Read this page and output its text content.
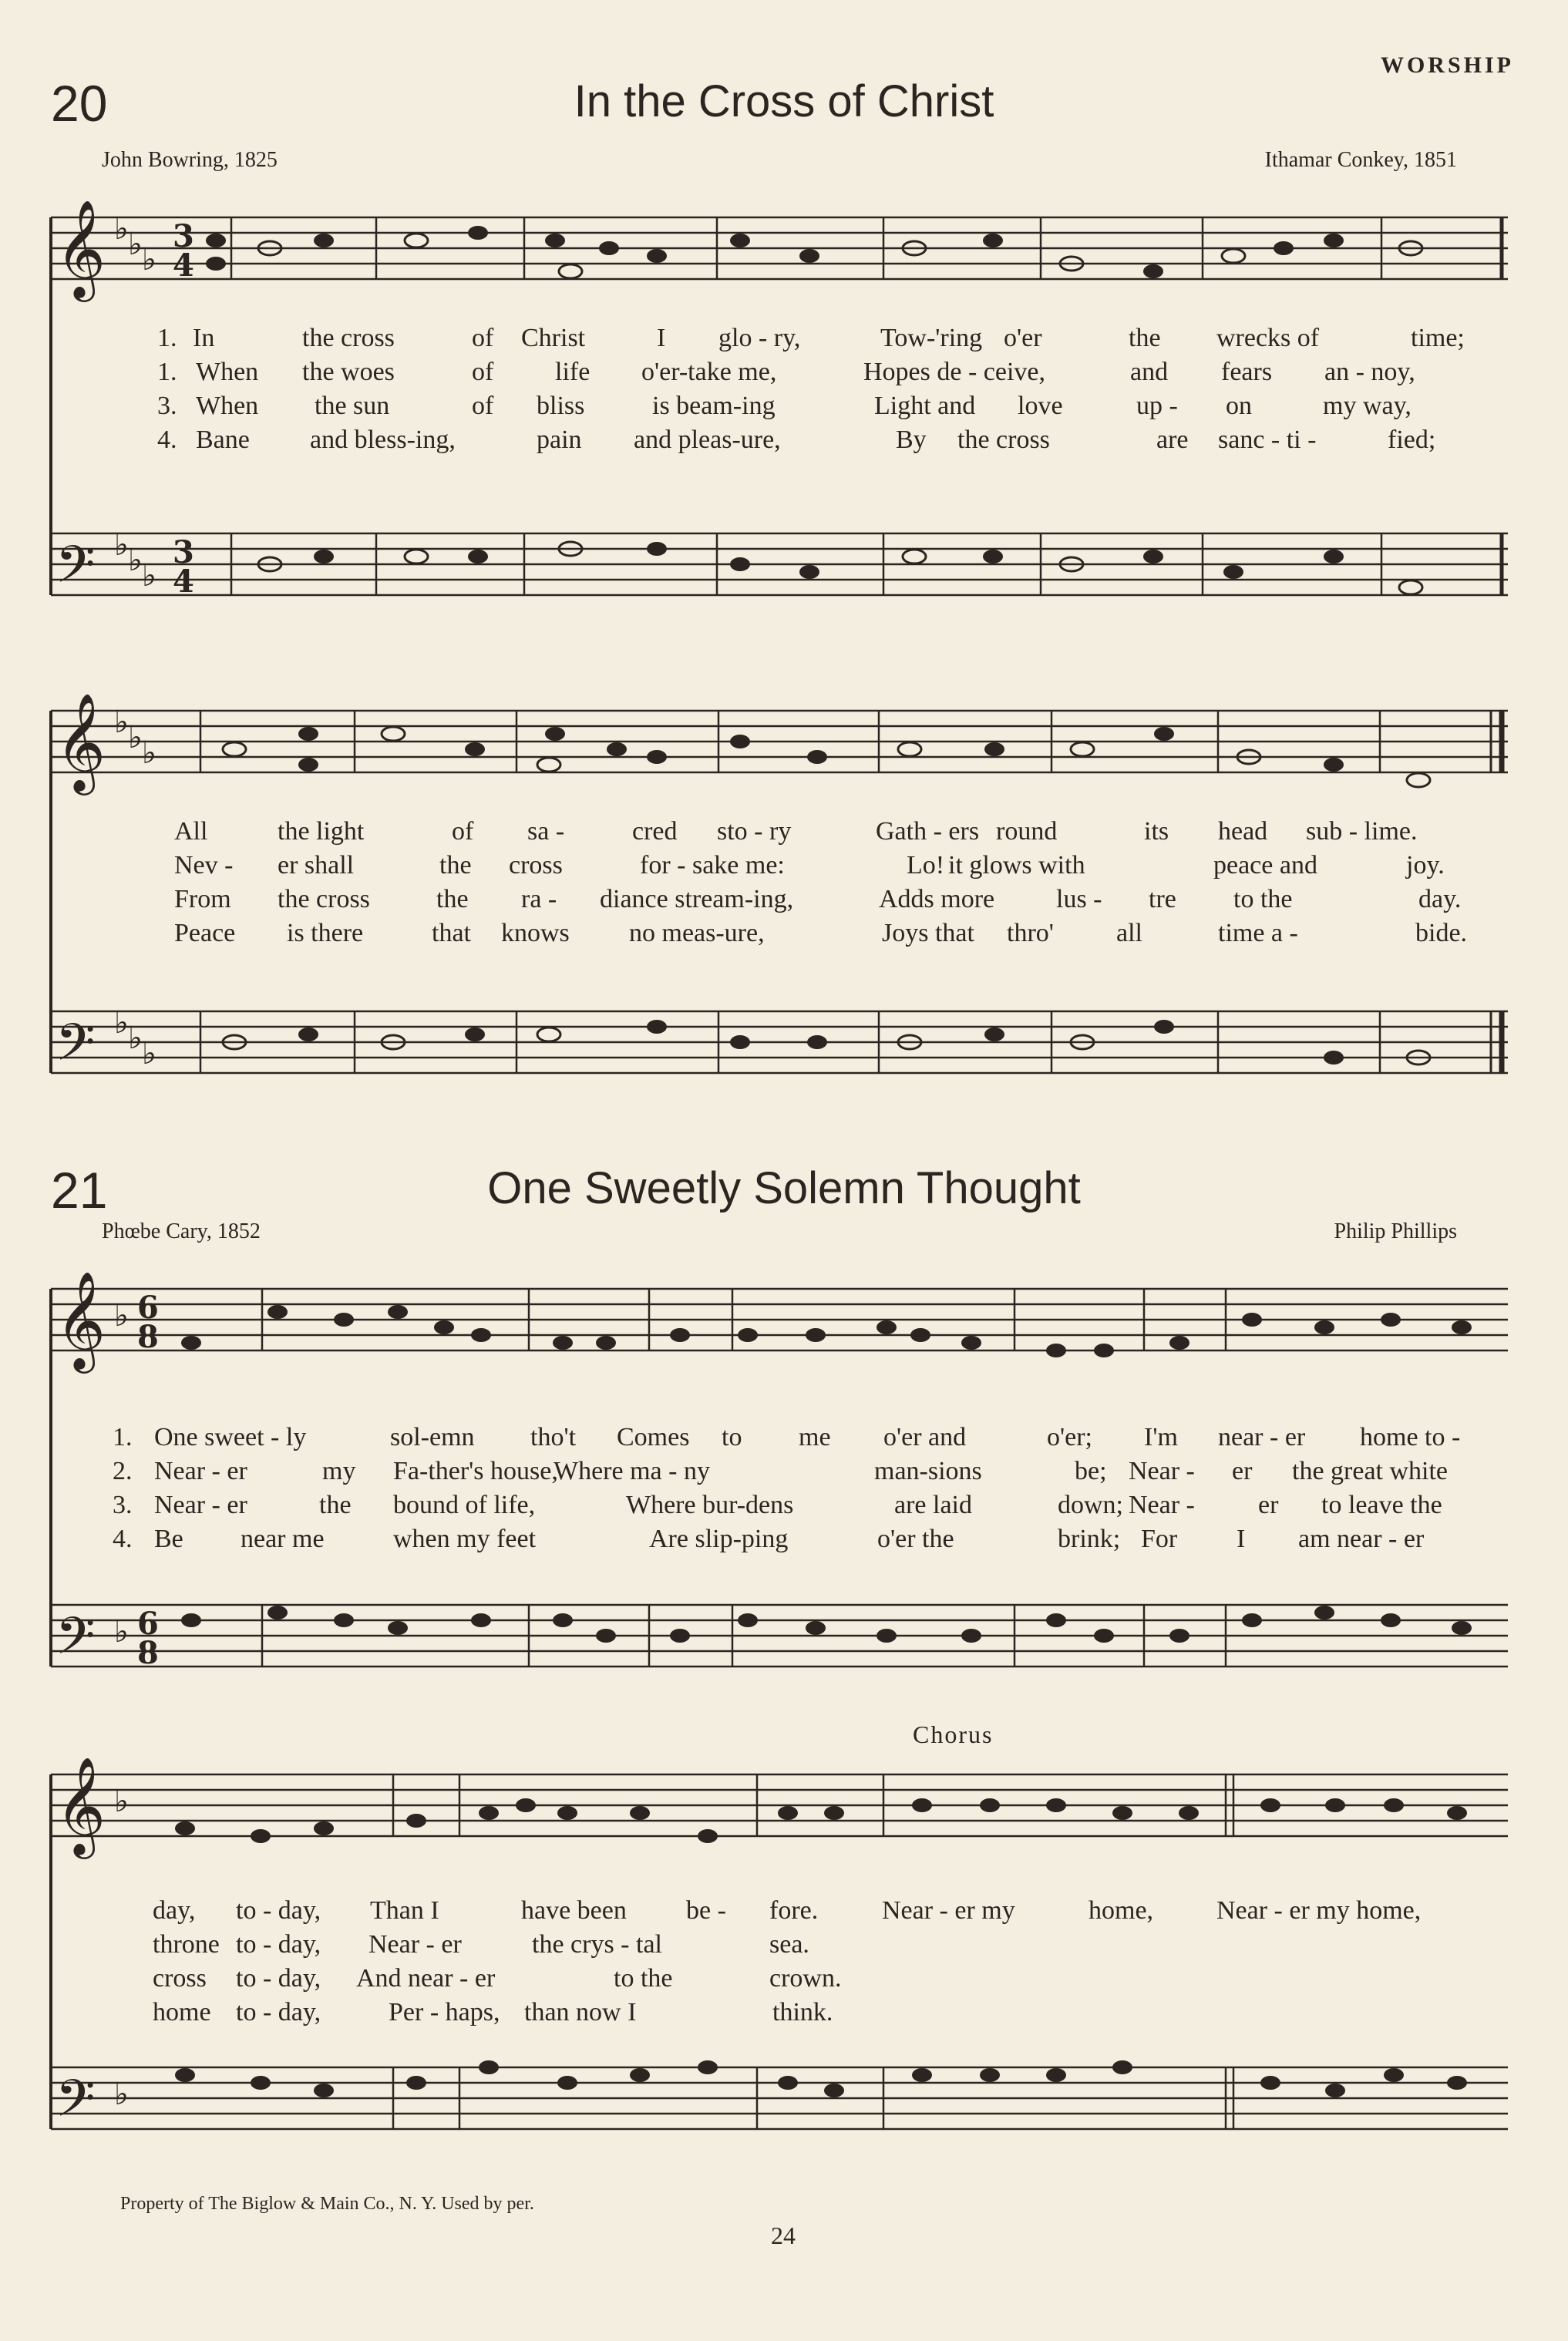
WORSHIP
20	In the Cross of Christ
John Bowring, 1825	Ithamar Conkey, 1851
𝄞
𝄢
♭ ♭ ♭
♭ ♭ ♭
3
4
3
4

1.

In

	the cross

	of

Christ

	I

glo - ry,

	Tow-'ring

o'er

	the

wrecks of

	time;

1.

When

the woes

	of

life

o'er-take me,

	Hopes de - ceive,

	and

fears

an - noy,

3.

When

the sun

	of

bliss

	is beam-ing

	Light and

love

	up -

on

	my way,

4.

Bane

and bless-ing,

	pain

and pleas-ure,

	By

the cross

	are

sanc - ti -

	fied;

𝄞
𝄢
♭ ♭ ♭
♭ ♭ ♭

All

	the light

	of

sa -

	cred

sto - ry

	Gath - ers

round

	its

head

sub - lime.

Nev -

er shall

	the

cross

	for - sake me:

	Lo!

it glows with

	peace and

	joy.

From

the cross

	the

ra -

diance stream-ing,

	Adds more

lus -

tre

to the

	day.

Peace

is there

	that

knows

no meas-ure,

	Joys that

thro'

all

	time a -

	bide.

21	One Sweetly Solemn Thought
Phœbe Cary, 1852	Philip Phillips
𝄞
𝄢
♭
♭
6
8
6
8

1.

One sweet - ly

	sol-emn

tho't

Comes

to

me

o'er and

	o'er;

I'm

near - er

home to -

2.

Near - er

	my

Fa-ther's house,

Where ma - ny

	man-sions

	be;

Near -

er

the great white

3.

Near - er

	the

bound of life,

	Where bur-dens

	are laid

	down;

Near -

er

to leave the

4.

Be

near me

	when my feet

	Are slip-ping

	o'er the

	brink;

For

I

am near - er

Chorus
𝄞
𝄢
♭
♭

day,

to - day,

Than I

	have been

be -

fore.

Near - er my

	home,

Near - er my home,

throne

to - day,

Near - er

	the crys - tal

	sea.

cross

to - day,

And near - er

	to the

	crown.

home

to - day,

	Per - haps,

than now I

	think.

Property of The Biglow & Main Co., N. Y. Used by per.
24
